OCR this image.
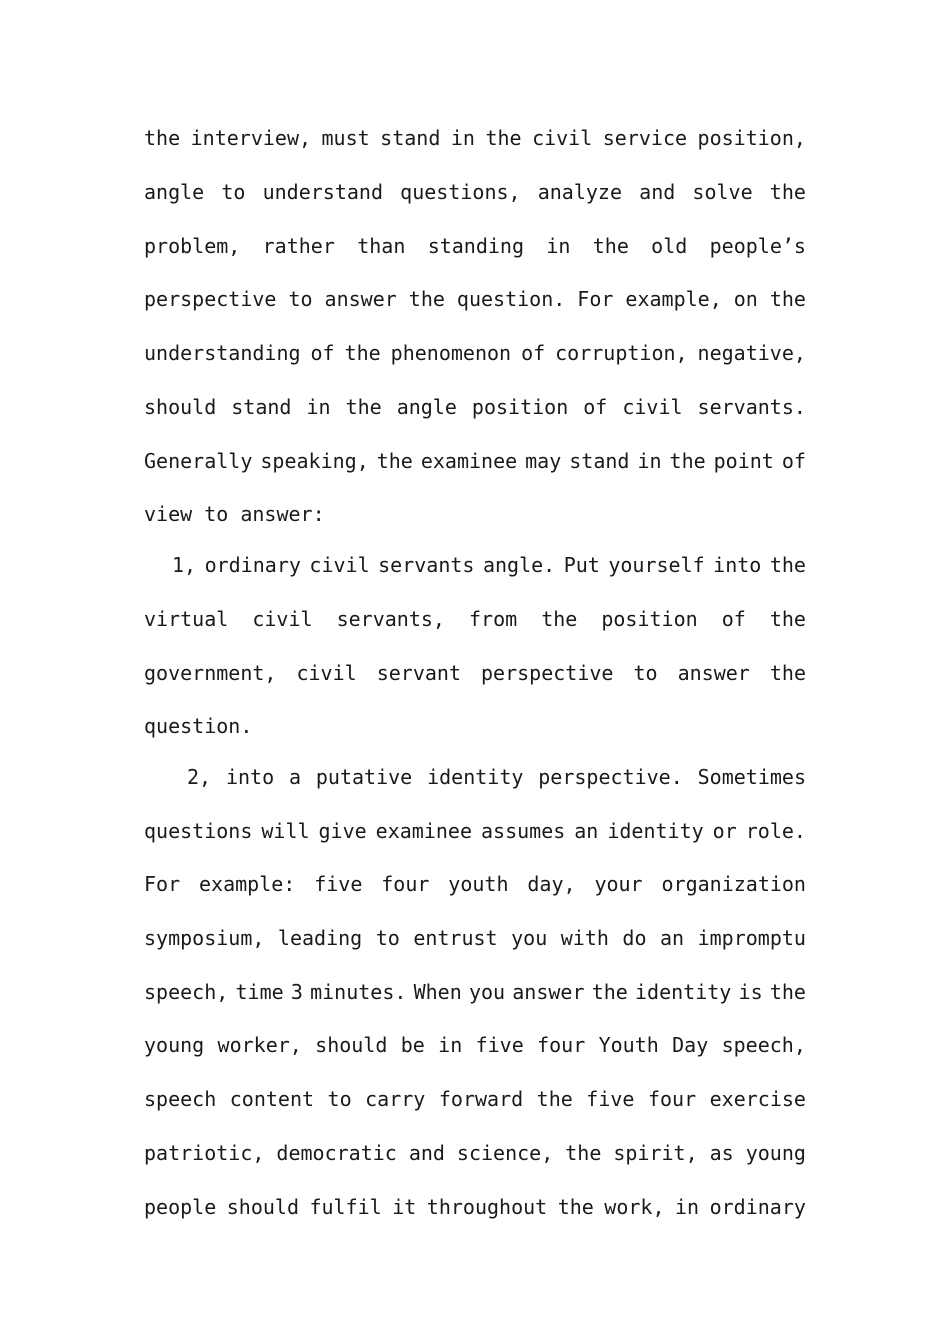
the interview, must stand in the civil service position,
angle to understand questions, analyze and solve the
problem, rather than standing in the old people’s
perspective to answer the question. For example, on the
understanding of the phenomenon of corruption, negative,
should stand in the angle position of civil servants.
Generally speaking, the examinee may stand in the point of
view to answer:
1, ordinary civil servants angle. Put yourself into the
virtual civil servants, from the position of the
government, civil servant perspective to answer the
question.
2, into a putative identity perspective. Sometimes
questions will give examinee assumes an identity or role.
For example: five four youth day, your organization
symposium, leading to entrust you with do an impromptu
speech, time 3 minutes. When you answer the identity is the
young worker, should be in five four Youth Day speech,
speech content to carry forward the five four exercise
patriotic, democratic and science, the spirit, as young
people should fulfil it throughout the work, in ordinary
